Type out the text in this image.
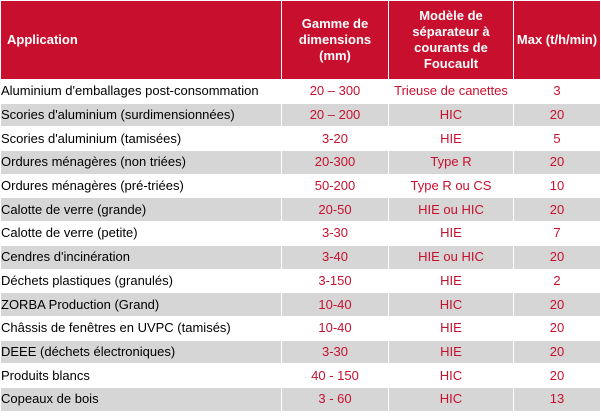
Application	Gamme de dimensions (mm)	Modèle de séparateur à courants de Foucault	Max (t/h/min)
Aluminium d'emballages post-consommation	20 – 300	Trieuse de canettes	3
Scories d'aluminium (surdimensionnées)	20 – 200	HIC	20
Scories d'aluminium (tamisées)	3-20	HIE	5
Ordures ménagères (non triées)	20-300	Type R	20
Ordures ménagères (pré-triées)	50-200	Type R ou CS	10
Calotte de verre (grande)	20-50	HIE ou HIC	20
Calotte de verre (petite)	3-30	HIE	7
Cendres d'incinération	3-40	HIE ou HIC	20
Déchets plastiques (granulés)	3-150	HIE	2
ZORBA Production (Grand)	10-40	HIC	20
Châssis de fenêtres en UVPC (tamisés)	10-40	HIE	20
DEEE (déchets électroniques)	3-30	HIE	20
Produits blancs	40 - 150	HIC	20
Copeaux de bois	3 - 60	HIC	13
